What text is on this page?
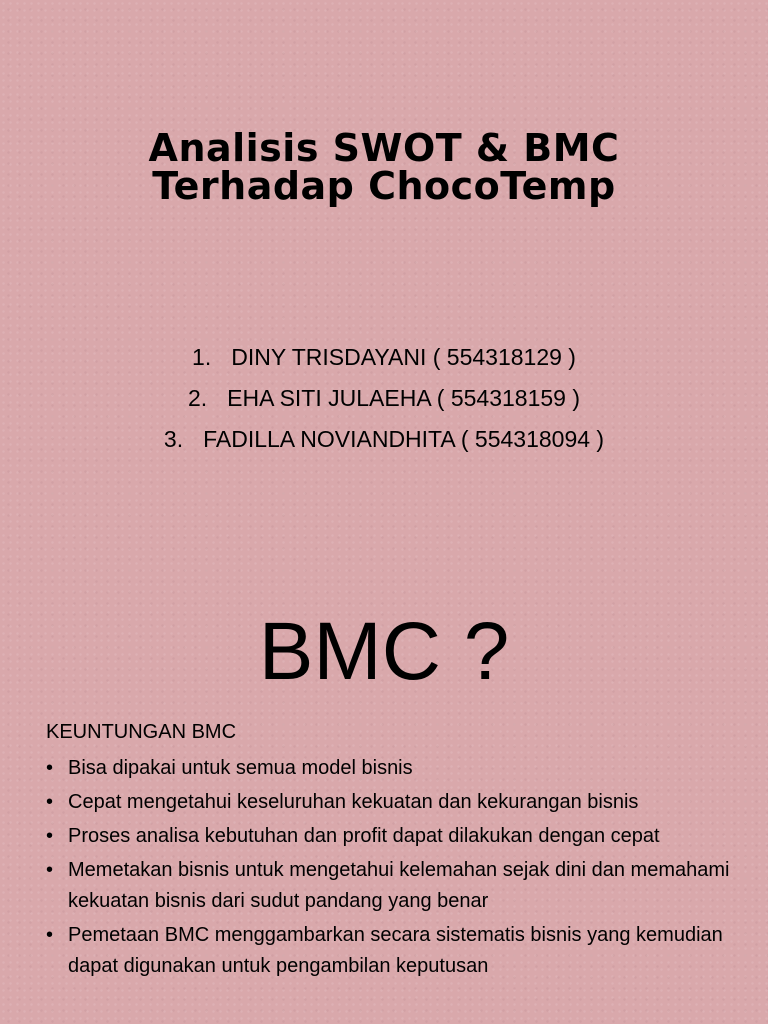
Analisis SWOT & BMC
Terhadap ChocoTemp
1. DINY TRISDAYANI ( 554318129 )
2. EHA SITI JULAEHA ( 554318159 )
3. FADILLA NOVIANDHITA ( 554318094 )
BMC ?
KEUNTUNGAN BMC
• Bisa dipakai untuk semua model bisnis
• Cepat mengetahui keseluruhan kekuatan dan kekurangan bisnis
• Proses analisa kebutuhan dan profit dapat dilakukan dengan cepat
• Memetakan bisnis untuk mengetahui kelemahan sejak dini dan memahami kekuatan bisnis dari sudut pandang yang benar
• Pemetaan BMC menggambarkan secara sistematis bisnis yang kemudian dapat digunakan untuk pengambilan keputusan
